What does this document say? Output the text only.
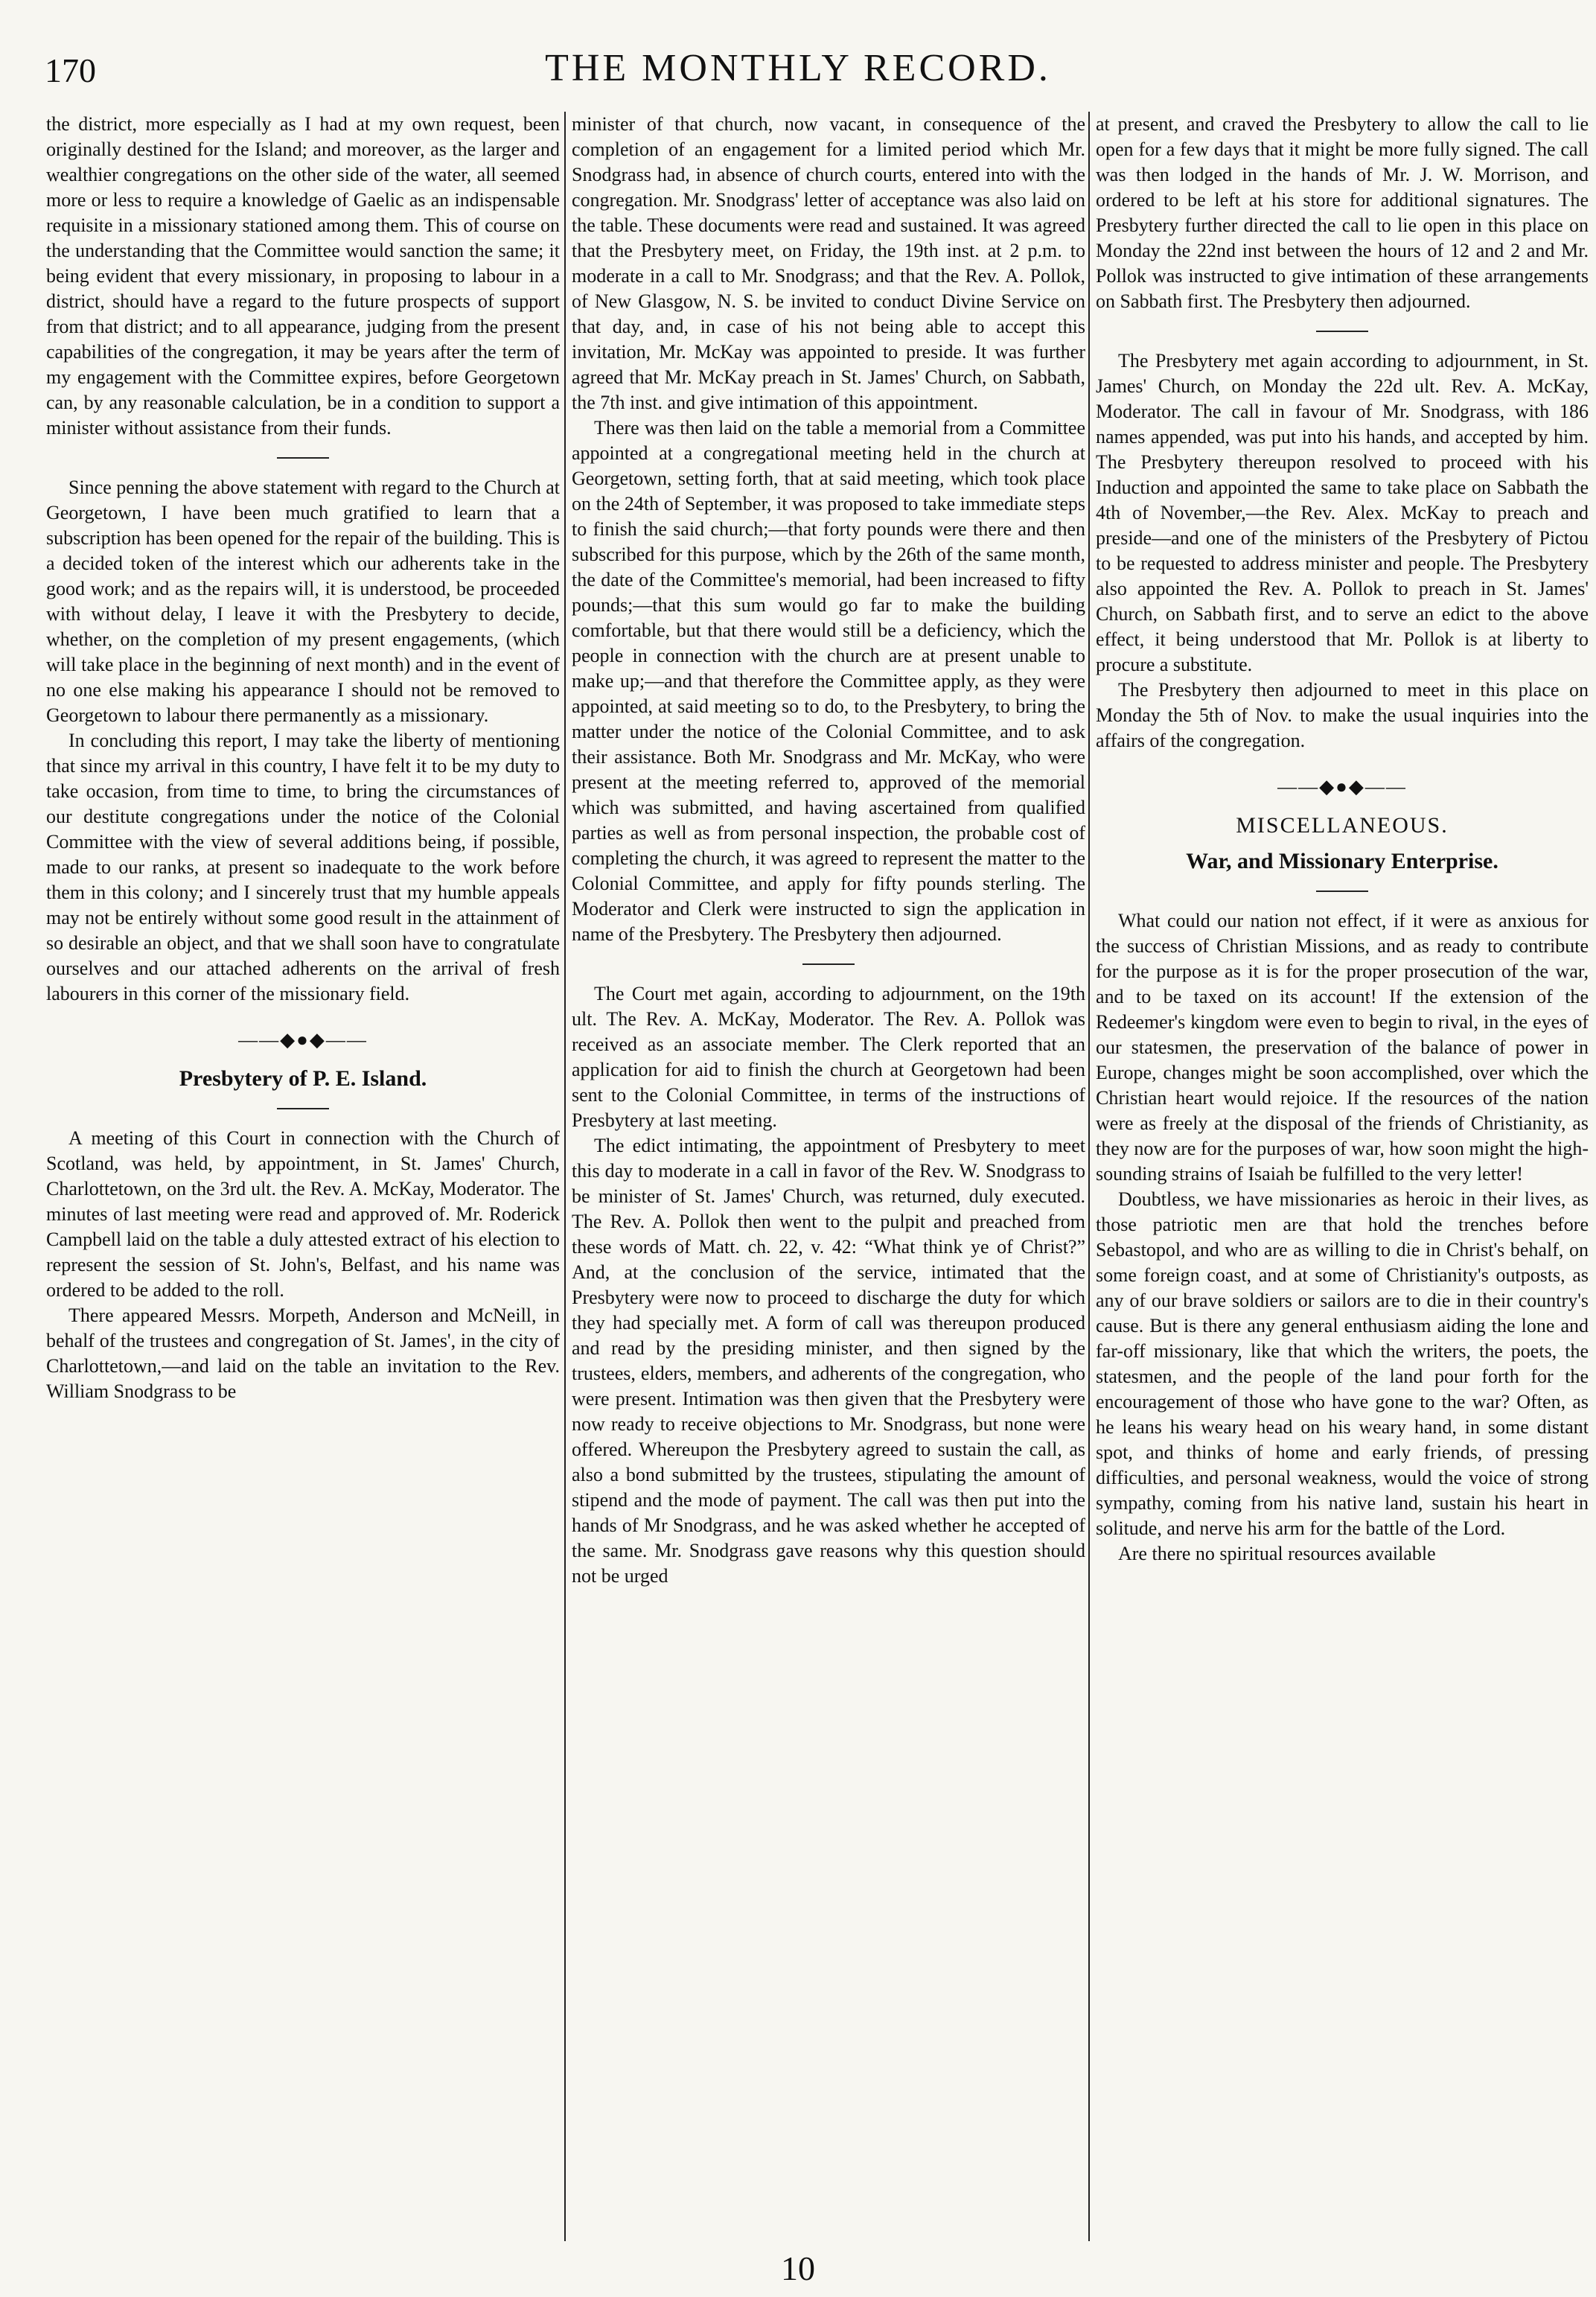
170	THE MONTHLY RECORD.

the district, more especially as I had at my own request, been originally destined for the Island; and moreover, as the larger and wealthier congregations on the other side of the water, all seemed more or less to require a knowledge of Gaelic as an indispensable requisite in a missionary stationed among them. This of course on the understanding that the Committee would sanction the same; it being evident that every missionary, in proposing to labour in a district, should have a regard to the future prospects of support from that district; and to all appearance, judging from the present capabilities of the congregation, it may be years after the term of my engagement with the Committee expires, before Georgetown can, by any reasonable calculation, be in a condition to support a minister without assistance from their funds.

Since penning the above statement with regard to the Church at Georgetown, I have been much gratified to learn that a subscription has been opened for the repair of the building. This is a decided token of the interest which our adherents take in the good work; and as the repairs will, it is understood, be proceeded with without delay, I leave it with the Presbytery to decide, whether, on the completion of my present engagements, (which will take place in the beginning of next month) and in the event of no one else making his appearance I should not be removed to Georgetown to labour there permanently as a missionary.

In concluding this report, I may take the liberty of mentioning that since my arrival in this country, I have felt it to be my duty to take occasion, from time to time, to bring the circumstances of our destitute congregations under the notice of the Colonial Committee with the view of several additions being, if possible, made to our ranks, at present so inadequate to the work before them in this colony; and I sincerely trust that my humble appeals may not be entirely without some good result in the attainment of so desirable an object, and that we shall soon have to congratulate ourselves and our attached adherents on the arrival of fresh labourers in this corner of the missionary field.

——◆●◆——
Presbytery of P. E. Island.

A meeting of this Court in connection with the Church of Scotland, was held, by appointment, in St. James' Church, Charlottetown, on the 3rd ult. the Rev. A. McKay, Moderator. The minutes of last meeting were read and approved of. Mr. Roderick Campbell laid on the table a duly attested extract of his election to represent the session of St. John's, Belfast, and his name was ordered to be added to the roll.

There appeared Messrs. Morpeth, Anderson and McNeill, in behalf of the trustees and congregation of St. James', in the city of Charlottetown,—and laid on the table an invitation to the Rev. William Snodgrass to be

minister of that church, now vacant, in consequence of the completion of an engagement for a limited period which Mr. Snodgrass had, in absence of church courts, entered into with the congregation. Mr. Snodgrass' letter of acceptance was also laid on the table. These documents were read and sustained. It was agreed that the Presbytery meet, on Friday, the 19th inst. at 2 p.m. to moderate in a call to Mr. Snodgrass; and that the Rev. A. Pollok, of New Glasgow, N. S. be invited to conduct Divine Service on that day, and, in case of his not being able to accept this invitation, Mr. McKay was appointed to preside. It was further agreed that Mr. McKay preach in St. James' Church, on Sabbath, the 7th inst. and give intimation of this appointment.

There was then laid on the table a memorial from a Committee appointed at a congregational meeting held in the church at Georgetown, setting forth, that at said meeting, which took place on the 24th of September, it was proposed to take immediate steps to finish the said church;—that forty pounds were there and then subscribed for this purpose, which by the 26th of the same month, the date of the Committee's memorial, had been increased to fifty pounds;—that this sum would go far to make the building comfortable, but that there would still be a deficiency, which the people in connection with the church are at present unable to make up;—and that therefore the Committee apply, as they were appointed, at said meeting so to do, to the Presbytery, to bring the matter under the notice of the Colonial Committee, and to ask their assistance. Both Mr. Snodgrass and Mr. McKay, who were present at the meeting referred to, approved of the memorial which was submitted, and having ascertained from qualified parties as well as from personal inspection, the probable cost of completing the church, it was agreed to represent the matter to the Colonial Committee, and apply for fifty pounds sterling. The Moderator and Clerk were instructed to sign the application in name of the Presbytery. The Presbytery then adjourned.

The Court met again, according to adjournment, on the 19th ult. The Rev. A. McKay, Moderator. The Rev. A. Pollok was received as an associate member. The Clerk reported that an application for aid to finish the church at Georgetown had been sent to the Colonial Committee, in terms of the instructions of Presbytery at last meeting.

The edict intimating, the appointment of Presbytery to meet this day to moderate in a call in favor of the Rev. W. Snodgrass to be minister of St. James' Church, was returned, duly executed. The Rev. A. Pollok then went to the pulpit and preached from these words of Matt. ch. 22, v. 42: “What think ye of Christ?” And, at the conclusion of the service, intimated that the Presbytery were now to proceed to discharge the duty for which they had specially met. A form of call was thereupon produced and read by the presiding minister, and then signed by the trustees, elders, members, and adherents of the congregation, who were present. Intimation was then given that the Presbytery were now ready to receive objections to Mr. Snodgrass, but none were offered. Whereupon the Presbytery agreed to sustain the call, as also a bond submitted by the trustees, stipulating the amount of stipend and the mode of payment. The call was then put into the hands of Mr Snodgrass, and he was asked whether he accepted of the same. Mr. Snodgrass gave reasons why this question should not be urged

at present, and craved the Presbytery to allow the call to lie open for a few days that it might be more fully signed. The call was then lodged in the hands of Mr. J. W. Morrison, and ordered to be left at his store for additional signatures. The Presbytery further directed the call to lie open in this place on Monday the 22nd inst between the hours of 12 and 2 and Mr. Pollok was instructed to give intimation of these arrangements on Sabbath first. The Presbytery then adjourned.

The Presbytery met again according to adjournment, in St. James' Church, on Monday the 22d ult. Rev. A. McKay, Moderator. The call in favour of Mr. Snodgrass, with 186 names appended, was put into his hands, and accepted by him. The Presbytery thereupon resolved to proceed with his Induction and appointed the same to take place on Sabbath the 4th of November,—the Rev. Alex. McKay to preach and preside—and one of the ministers of the Presbytery of Pictou to be requested to address minister and people. The Presbytery also appointed the Rev. A. Pollok to preach in St. James' Church, on Sabbath first, and to serve an edict to the above effect, it being understood that Mr. Pollok is at liberty to procure a substitute.

The Presbytery then adjourned to meet in this place on Monday the 5th of Nov. to make the usual inquiries into the affairs of the congregation.

——◆●◆——
MISCELLANEOUS.
War, and Missionary Enterprise.

What could our nation not effect, if it were as anxious for the success of Christian Missions, and as ready to contribute for the purpose as it is for the proper prosecution of the war, and to be taxed on its account! If the extension of the Redeemer's kingdom were even to begin to rival, in the eyes of our statesmen, the preservation of the balance of power in Europe, changes might be soon accomplished, over which the Christian heart would rejoice. If the resources of the nation were as freely at the disposal of the friends of Christianity, as they now are for the purposes of war, how soon might the high-sounding strains of Isaiah be fulfilled to the very letter!

Doubtless, we have missionaries as heroic in their lives, as those patriotic men are that hold the trenches before Sebastopol, and who are as willing to die in Christ's behalf, on some foreign coast, and at some of Christianity's outposts, as any of our brave soldiers or sailors are to die in their country's cause. But is there any general enthusiasm aiding the lone and far-off missionary, like that which the writers, the poets, the statesmen, and the people of the land pour forth for the encouragement of those who have gone to the war? Often, as he leans his weary head on his weary hand, in some distant spot, and thinks of home and early friends, of pressing difficulties, and personal weakness, would the voice of strong sympathy, coming from his native land, sustain his heart in solitude, and nerve his arm for the battle of the Lord.

Are there no spiritual resources available

10
